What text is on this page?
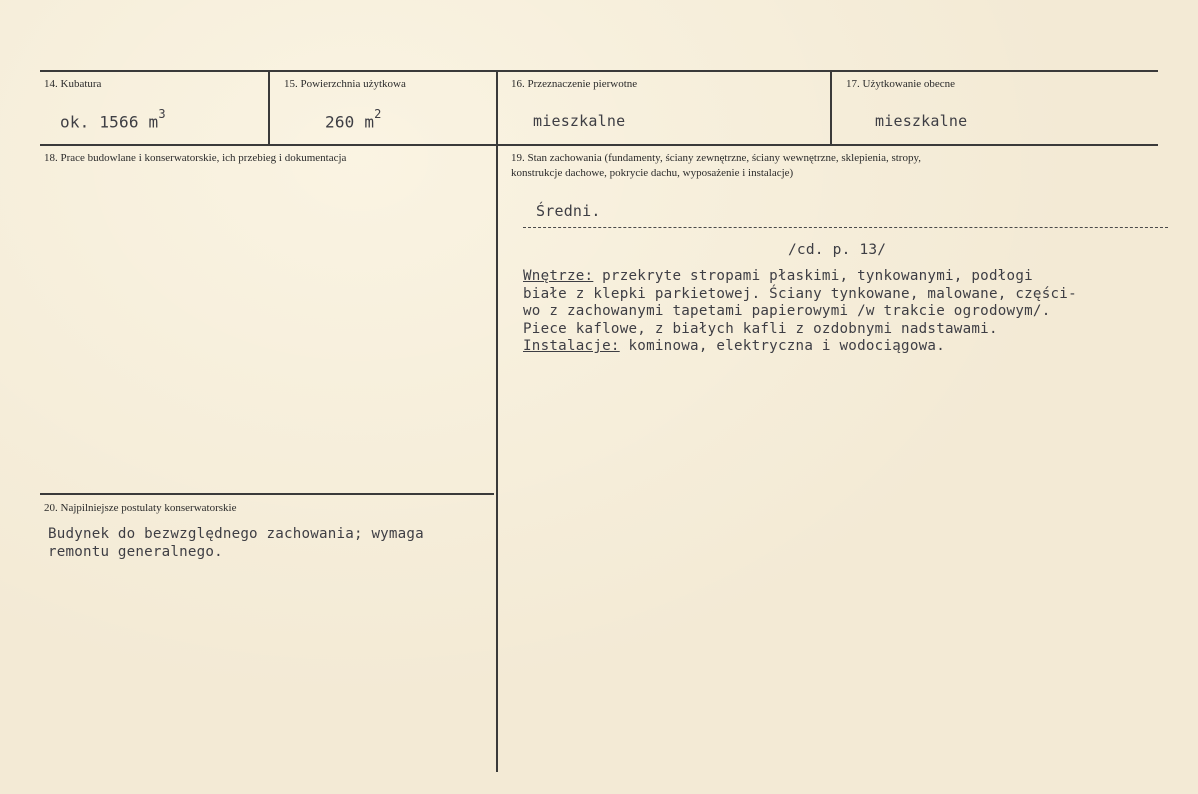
14. Kubatura
ok. 1566 $m^3$
15. Powierzchnia użytkowa
260 $m^2$
16. Przeznaczenie pierwotne
mieszkalne
17. Użytkowanie obecne
mieszkalne
18. Prace budowlane i konserwatorskie, ich przebieg i dokumentacja	19. Stan zachowania (fundamenty, ściany zewnętrzne, ściany wewnętrzne, sklepienia, stropy,
konstrukcje dachowe, pokrycie dachu, wyposażenie i instalacje)
Średni.
/cd. p. 13/
Wnętrze: przekryte stropami płaskimi, tynkowanymi, podłogi
białe z klepki parkietowej. Ściany tynkowane, malowane, części-
wo z zachowanymi tapetami papierowymi /w trakcie ogrodowym/.
Piece kaflowe, z białych kafli z ozdobnymi nadstawami.
Instalacje: kominowa, elektryczna i wodociągowa.
20. Najpilniejsze postulaty konserwatorskie
Budynek do bezwzględnego zachowania; wymaga
remontu generalnego.
